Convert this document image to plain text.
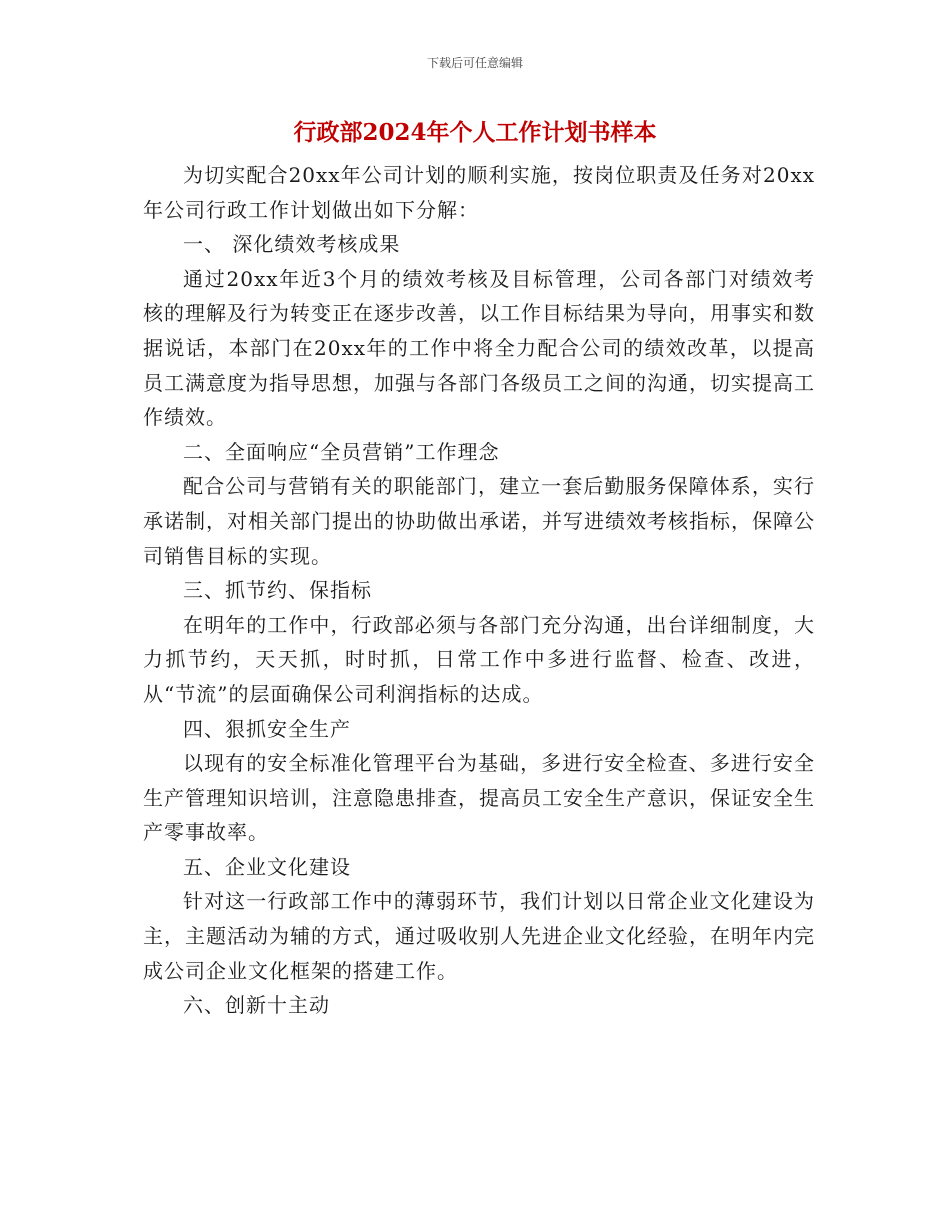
下载后可任意编辑
行政部2024年个人工作计划书样本

为切实配合20xx年公司计划的顺利实施，按岗位职责及任务对20xx年公司行政工作计划做出如下分解：

一、 深化绩效考核成果

通过20xx年近3个月的绩效考核及目标管理，公司各部门对绩效考核的理解及行为转变正在逐步改善，以工作目标结果为导向，用事实和数据说话，本部门在20xx年的工作中将全力配合公司的绩效改革，以提高员工满意度为指导思想，加强与各部门各级员工之间的沟通，切实提高工作绩效。

二、全面响应“全员营销”工作理念

配合公司与营销有关的职能部门，建立一套后勤服务保障体系，实行承诺制，对相关部门提出的协助做出承诺，并写进绩效考核指标，保障公司销售目标的实现。

三、抓节约、保指标

在明年的工作中，行政部必须与各部门充分沟通，出台详细制度，大力抓节约，天天抓，时时抓，日常工作中多进行监督、检查、改进，从“节流”的层面确保公司利润指标的达成。

四、狠抓安全生产

以现有的安全标准化管理平台为基础，多进行安全检查、多进行安全生产管理知识培训，注意隐患排查，提高员工安全生产意识，保证安全生产零事故率。

五、企业文化建设

针对这一行政部工作中的薄弱环节，我们计划以日常企业文化建设为主，主题活动为辅的方式，通过吸收别人先进企业文化经验，在明年内完成公司企业文化框架的搭建工作。

六、创新十主动
